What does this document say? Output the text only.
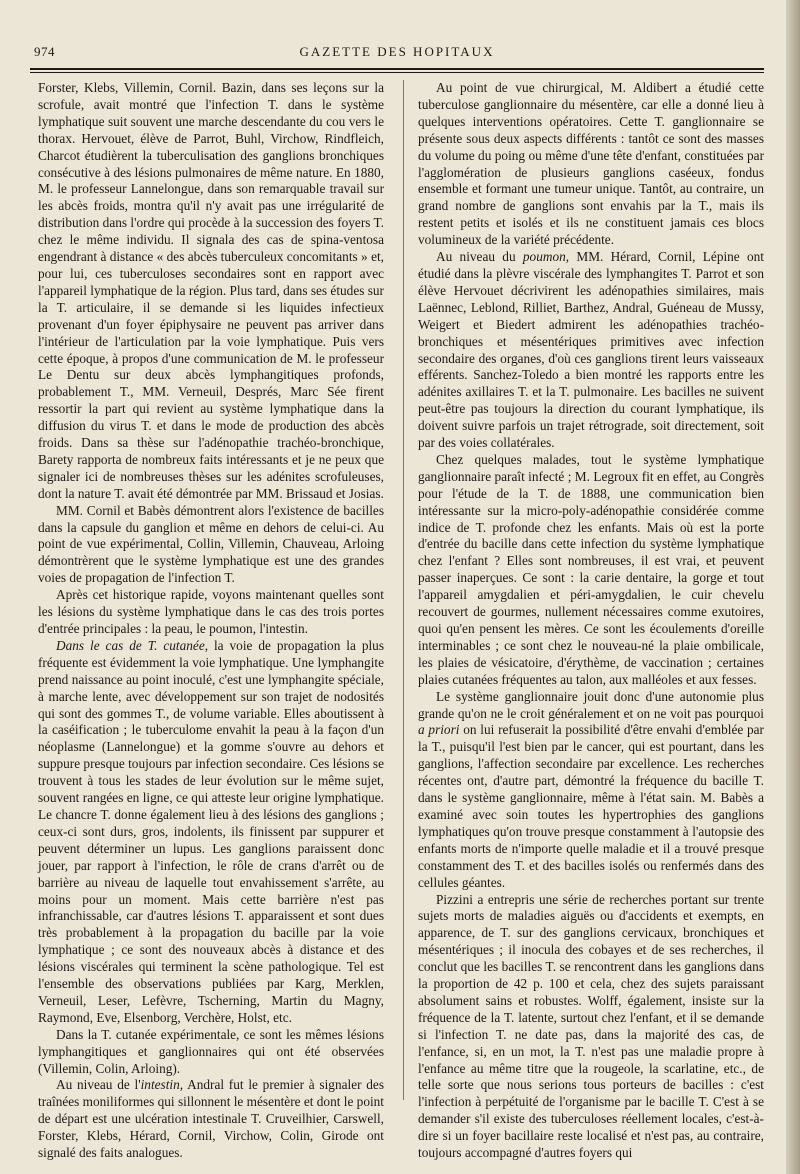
974	GAZETTE DES HOPITAUX

Forster, Klebs, Villemin, Cornil. Bazin, dans ses leçons sur la scrofule, avait montré que l'infection T. dans le système lymphatique suit souvent une marche descendante du cou vers le thorax. Hervouet, élève de Parrot, Buhl, Virchow, Rindfleich, Charcot étudièrent la tuberculisation des ganglions bronchiques consécutive à des lésions pulmonaires de même nature. En 1880, M. le professeur Lannelongue, dans son remarquable travail sur les abcès froids, montra qu'il n'y avait pas une irrégularité de distribution dans l'ordre qui procède à la succession des foyers T. chez le même individu. Il signala des cas de spina-ventosa engendrant à distance « des abcès tuberculeux concomitants » et, pour lui, ces tuberculoses secondaires sont en rapport avec l'appareil lymphatique de la région. Plus tard, dans ses études sur la T. articulaire, il se demande si les liquides infectieux provenant d'un foyer épiphysaire ne peuvent pas arriver dans l'intérieur de l'articulation par la voie lymphatique. Puis vers cette époque, à propos d'une communication de M. le professeur Le Dentu sur deux abcès lymphangitiques profonds, probablement T., MM. Verneuil, Després, Marc Sée firent ressortir la part qui revient au système lymphatique dans la diffusion du virus T. et dans le mode de production des abcès froids. Dans sa thèse sur l'adénopathie trachéo-bronchique, Barety rapporta de nombreux faits intéressants et je ne peux que signaler ici de nombreuses thèses sur les adénites scrofuleuses, dont la nature T. avait été démontrée par MM. Brissaud et Josias.

MM. Cornil et Babès démontrent alors l'existence de bacilles dans la capsule du ganglion et même en dehors de celui-ci. Au point de vue expérimental, Collin, Villemin, Chauveau, Arloing démontrèrent que le système lymphatique est une des grandes voies de propagation de l'infection T.

Après cet historique rapide, voyons maintenant quelles sont les lésions du système lymphatique dans le cas des trois portes d'entrée principales : la peau, le poumon, l'intestin.

Dans le cas de T. cutanée, la voie de propagation la plus fréquente est évidemment la voie lymphatique. Une lymphangite prend naissance au point inoculé, c'est une lymphangite spéciale, à marche lente, avec développement sur son trajet de nodosités qui sont des gommes T., de volume variable. Elles aboutissent à la caséification ; le tuberculome envahit la peau à la façon d'un néoplasme (Lannelongue) et la gomme s'ouvre au dehors et suppure presque toujours par infection secondaire. Ces lésions se trouvent à tous les stades de leur évolution sur le même sujet, souvent rangées en ligne, ce qui atteste leur origine lymphatique. Le chancre T. donne également lieu à des lésions des ganglions ; ceux-ci sont durs, gros, indolents, ils finissent par suppurer et peuvent déterminer un lupus. Les ganglions paraissent donc jouer, par rapport à l'infection, le rôle de crans d'arrêt ou de barrière au niveau de laquelle tout envahissement s'arrête, au moins pour un moment. Mais cette barrière n'est pas infranchissable, car d'autres lésions T. apparaissent et sont dues très probablement à la propagation du bacille par la voie lymphatique ; ce sont des nouveaux abcès à distance et des lésions viscérales qui terminent la scène pathologique. Tel est l'ensemble des observations publiées par Karg, Merklen, Verneuil, Leser, Lefèvre, Tscherning, Martin du Magny, Raymond, Eve, Elsenborg, Verchère, Holst, etc.

Dans la T. cutanée expérimentale, ce sont les mêmes lésions lymphangitiques et ganglionnaires qui ont été observées (Villemin, Colin, Arloing).

Au niveau de l'intestin, Andral fut le premier à signaler des traînées moniliformes qui sillonnent le mésentère et dont le point de départ est une ulcération intestinale T. Cruveilhier, Carswell, Forster, Klebs, Hérard, Cornil, Virchow, Colin, Girode ont signalé des faits analogues.

Au point de vue chirurgical, M. Aldibert a étudié cette tuberculose ganglionnaire du mésentère, car elle a donné lieu à quelques interventions opératoires. Cette T. ganglionnaire se présente sous deux aspects différents : tantôt ce sont des masses du volume du poing ou même d'une tête d'enfant, constituées par l'agglomération de plusieurs ganglions caséeux, fondus ensemble et formant une tumeur unique. Tantôt, au contraire, un grand nombre de ganglions sont envahis par la T., mais ils restent petits et isolés et ils ne constituent jamais ces blocs volumineux de la variété précédente.

Au niveau du poumon, MM. Hérard, Cornil, Lépine ont étudié dans la plèvre viscérale des lymphangites T. Parrot et son élève Hervouet décrivirent les adénopathies similaires, mais Laënnec, Leblond, Rilliet, Barthez, Andral, Guéneau de Mussy, Weigert et Biedert admirent les adénopathies trachéo-bronchiques et mésentériques primitives avec infection secondaire des organes, d'où ces ganglions tirent leurs vaisseaux efférents. Sanchez-Toledo a bien montré les rapports entre les adénites axillaires T. et la T. pulmonaire. Les bacilles ne suivent peut-être pas toujours la direction du courant lymphatique, ils doivent suivre parfois un trajet rétrograde, soit directement, soit par des voies collatérales.

Chez quelques malades, tout le système lymphatique ganglionnaire paraît infecté ; M. Legroux fit en effet, au Congrès pour l'étude de la T. de 1888, une communication bien intéressante sur la micro-poly-adénopathie considérée comme indice de T. profonde chez les enfants. Mais où est la porte d'entrée du bacille dans cette infection du système lymphatique chez l'enfant ? Elles sont nombreuses, il est vrai, et peuvent passer inaperçues. Ce sont : la carie dentaire, la gorge et tout l'appareil amygdalien et péri-amygdalien, le cuir chevelu recouvert de gourmes, nullement nécessaires comme exutoires, quoi qu'en pensent les mères. Ce sont les écoulements d'oreille interminables ; ce sont chez le nouveau-né la plaie ombilicale, les plaies de vésicatoire, d'érythème, de vaccination ; certaines plaies cutanées fréquentes au talon, aux malléoles et aux fesses.

Le système ganglionnaire jouit donc d'une autonomie plus grande qu'on ne le croit généralement et on ne voit pas pourquoi a priori on lui refuserait la possibilité d'être envahi d'emblée par la T., puisqu'il l'est bien par le cancer, qui est pourtant, dans les ganglions, l'affection secondaire par excellence. Les recherches récentes ont, d'autre part, démontré la fréquence du bacille T. dans le système ganglionnaire, même à l'état sain. M. Babès a examiné avec soin toutes les hypertrophies des ganglions lymphatiques qu'on trouve presque constamment à l'autopsie des enfants morts de n'importe quelle maladie et il a trouvé presque constamment des T. et des bacilles isolés ou renfermés dans des cellules géantes.

Pizzini a entrepris une série de recherches portant sur trente sujets morts de maladies aiguës ou d'accidents et exempts, en apparence, de T. sur des ganglions cervicaux, bronchiques et mésentériques ; il inocula des cobayes et de ses recherches, il conclut que les bacilles T. se rencontrent dans les ganglions dans la proportion de 42 p. 100 et cela, chez des sujets paraissant absolument sains et robustes. Wolff, également, insiste sur la fréquence de la T. latente, surtout chez l'enfant, et il se demande si l'infection T. ne date pas, dans la majorité des cas, de l'enfance, si, en un mot, la T. n'est pas une maladie propre à l'enfance au même titre que la rougeole, la scarlatine, etc., de telle sorte que nous serions tous porteurs de bacilles : c'est l'infection à perpétuité de l'organisme par le bacille T. C'est à se demander s'il existe des tuberculoses réellement locales, c'est-à-dire si un foyer bacillaire reste localisé et n'est pas, au contraire, toujours accompagné d'autres foyers qui
